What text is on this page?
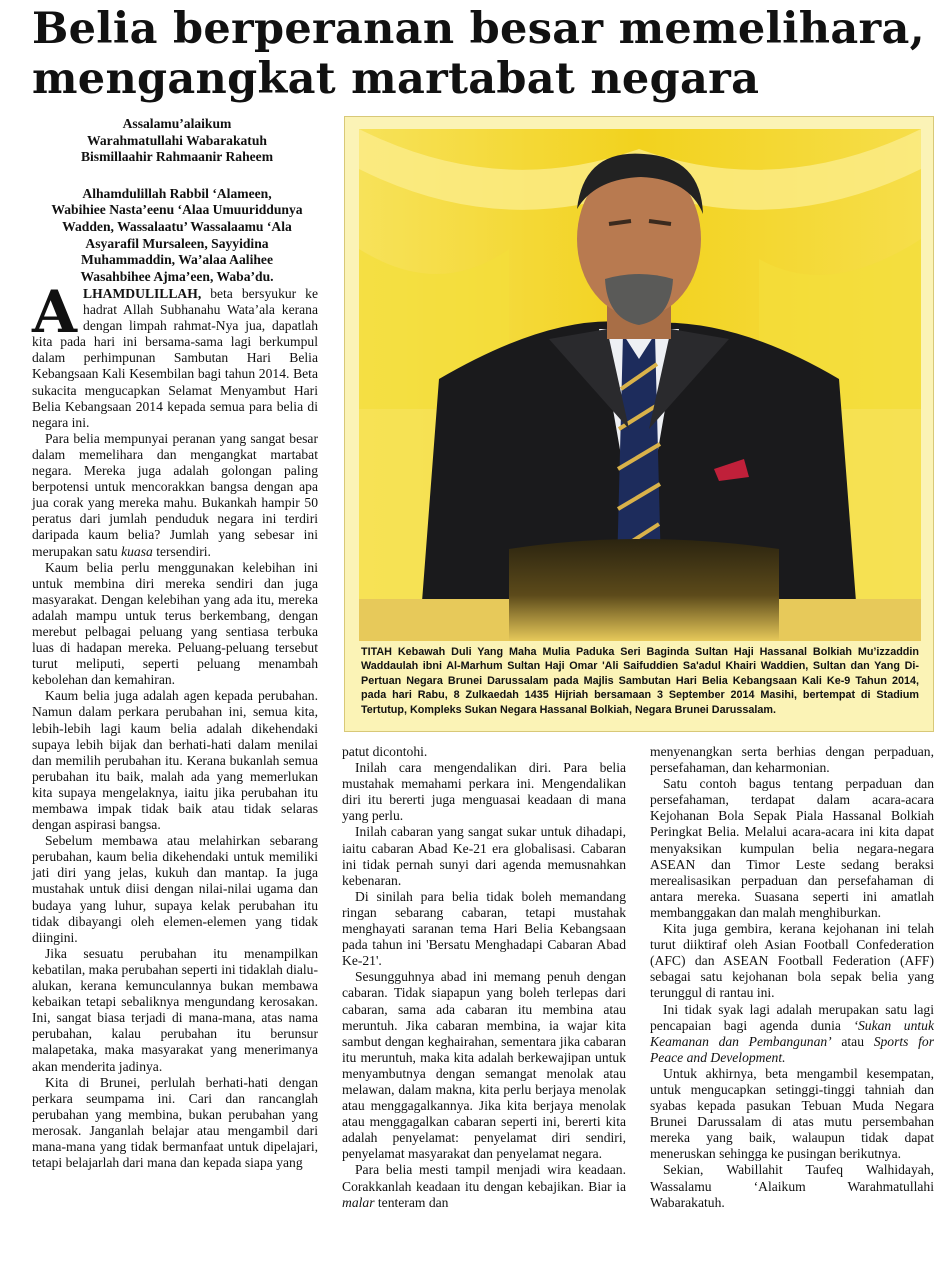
Belia berperanan besar memelihara,
mengangkat martabat negara

Assalamu’alaikum

Warahmatullahi Wabarakatuh

Bismillaahir Rahmaanir Raheem

Alhamdulillah Rabbil ‘Alameen,

Wabihiee Nasta’eenu ‘Alaa Umuuriddunya

Wadden, Wassalaatu’ Wassalaamu ‘Ala

Asyarafil Mursaleen, Sayyidina

Muhammaddin, Wa’alaa Aalihee

Wasahbihee Ajma’een, Waba’du.

TITAH Kebawah Duli Yang Maha Mulia Paduka Seri Baginda Sultan Haji Hassanal Bolkiah Mu’izzaddin Waddaulah ibni Al-Marhum Sultan Haji Omar 'Ali Saifuddien Sa'adul Khairi Waddien, Sultan dan Yang Di-Pertuan Negara Brunei Darussalam pada Majlis Sambutan Hari Belia Kebangsaan Kali Ke-9 Tahun 2014, pada hari Rabu, 8 Zulkaedah 1435 Hijriah bersamaan 3 September 2014 Masihi, bertempat di Stadium Tertutup, Kompleks Sukan Negara Hassanal Bolkiah, Negara Brunei Darussalam.

ALHAMDULILLAH, beta bersyukur ke hadrat Allah Subhanahu Wata’ala kerana dengan limpah rahmat-Nya jua, dapatlah kita pada hari ini bersama-sama lagi berkumpul dalam perhimpunan Sambutan Hari Belia Kebangsaan Kali Kesembilan bagi tahun 2014. Beta sukacita mengucapkan Selamat Menyambut Hari Belia Kebangsaan 2014 kepada semua para belia di negara ini.

Para belia mempunyai peranan yang sangat besar dalam memelihara dan mengangkat martabat negara. Mereka juga adalah golongan paling berpotensi untuk mencorakkan bangsa dengan apa jua corak yang mereka mahu. Bukankah hampir 50 peratus dari jumlah penduduk negara ini terdiri daripada kaum belia? Jumlah yang sebesar ini merupakan satu kuasa tersendiri.

Kaum belia perlu menggunakan kelebihan ini untuk membina diri mereka sendiri dan juga masyarakat. Dengan kelebihan yang ada itu, mereka adalah mampu untuk terus berkembang, dengan merebut pelbagai peluang yang sentiasa terbuka luas di hadapan mereka. Peluang-peluang tersebut turut meliputi, seperti peluang menambah kebolehan dan kemahiran.

Kaum belia juga adalah agen kepada perubahan. Namun dalam perkara perubahan ini, semua kita, lebih-lebih lagi kaum belia adalah dikehendaki supaya lebih bijak dan berhati-hati dalam menilai dan memilih perubahan itu. Kerana bukanlah semua perubahan itu baik, malah ada yang memerlukan kita supaya mengelaknya, iaitu jika perubahan itu membawa impak tidak baik atau tidak selaras dengan aspirasi bangsa.

Sebelum membawa atau melahirkan sebarang perubahan, kaum belia dikehendaki untuk memiliki jati diri yang jelas, kukuh dan mantap. Ia juga mustahak untuk diisi dengan nilai-nilai ugama dan budaya yang luhur, supaya kelak perubahan itu tidak dibayangi oleh elemen-elemen yang tidak diingini.

Jika sesuatu perubahan itu menampilkan kebatilan, maka perubahan seperti ini tidaklah dialu-alukan, kerana kemunculannya bukan membawa kebaikan tetapi sebaliknya mengundang kerosakan. Ini, sangat biasa terjadi di mana-mana, atas nama perubahan, kalau perubahan itu berunsur malapetaka, maka masyarakat yang menerimanya akan menderita jadinya.

Kita di Brunei, perlulah berhati-hati dengan perkara seumpama ini. Cari dan rancanglah perubahan yang membina, bukan perubahan yang merosak. Janganlah belajar atau mengambil dari mana-mana yang tidak bermanfaat untuk dipelajari, tetapi belajarlah dari mana dan kepada siapa yang

patut dicontohi.

Inilah cara mengendalikan diri. Para belia mustahak memahami perkara ini. Mengendalikan diri itu bererti juga menguasai keadaan di mana yang perlu.

Inilah cabaran yang sangat sukar untuk dihadapi, iaitu cabaran Abad Ke-21 era globalisasi. Cabaran ini tidak pernah sunyi dari agenda memusnahkan kebenaran.

Di sinilah para belia tidak boleh memandang ringan sebarang cabaran, tetapi mustahak menghayati saranan tema Hari Belia Kebangsaan pada tahun ini 'Bersatu Menghadapi Cabaran Abad Ke-21'.

Sesungguhnya abad ini memang penuh dengan cabaran. Tidak siapapun yang boleh terlepas dari cabaran, sama ada cabaran itu membina atau meruntuh. Jika cabaran membina, ia wajar kita sambut dengan keghairahan, sementara jika cabaran itu meruntuh, maka kita adalah berkewajipan untuk menyambutnya dengan semangat menolak atau melawan, dalam makna, kita perlu berjaya menolak atau menggagalkannya. Jika kita berjaya menolak atau menggagalkan cabaran seperti ini, bererti kita adalah penyelamat: penyelamat diri sendiri, penyelamat masyarakat dan penyelamat negara.

Para belia mesti tampil menjadi wira keadaan. Corakkanlah keadaan itu dengan kebajikan. Biar ia malar tenteram dan

menyenangkan serta berhias dengan perpaduan, persefahaman, dan keharmonian.

Satu contoh bagus tentang perpaduan dan persefahaman, terdapat dalam acara-acara Kejohanan Bola Sepak Piala Hassanal Bolkiah Peringkat Belia. Melalui acara-acara ini kita dapat menyaksikan kumpulan belia negara-negara ASEAN dan Timor Leste sedang beraksi merealisasikan perpaduan dan persefahaman di antara mereka. Suasana seperti ini amatlah membanggakan dan malah menghiburkan.

Kita juga gembira, kerana kejohanan ini telah turut diiktiraf oleh Asian Football Confederation (AFC) dan ASEAN Football Federation (AFF) sebagai satu kejohanan bola sepak belia yang terunggul di rantau ini.

Ini tidak syak lagi adalah merupakan satu lagi pencapaian bagi agenda dunia ‘Sukan untuk Keamanan dan Pembangunan’ atau Sports for Peace and Development.

Untuk akhirnya, beta mengambil kesempatan, untuk mengucapkan setinggi-tinggi tahniah dan syabas kepada pasukan Tebuan Muda Negara Brunei Darussalam di atas mutu persembahan mereka yang baik, walaupun tidak dapat meneruskan sehingga ke pusingan berikutnya.

Sekian, Wabillahit Taufeq Walhidayah, Wassalamu ‘Alaikum Warahmatullahi Wabarakatuh.
